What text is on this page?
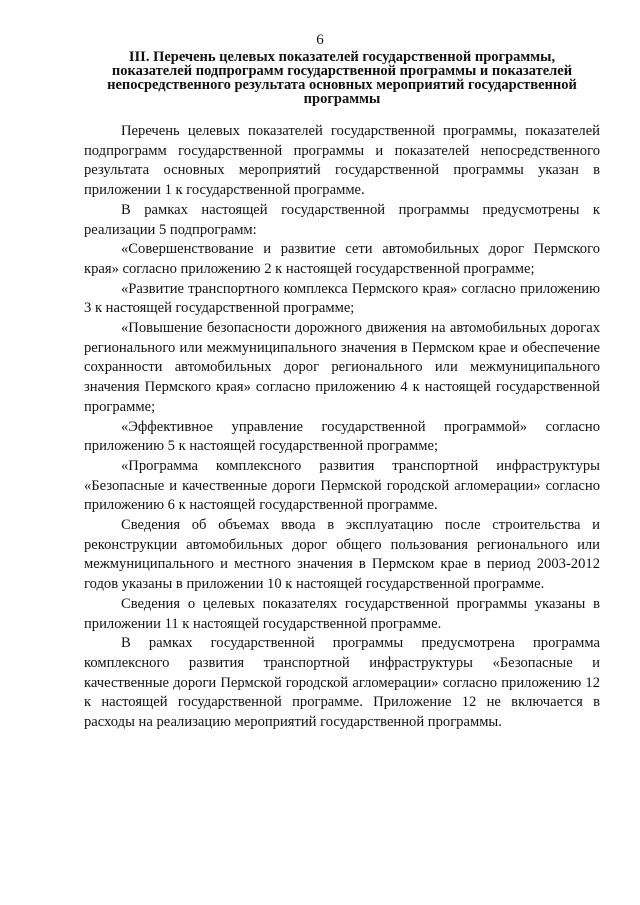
6
III. Перечень целевых показателей государственной программы,
показателей подпрограмм государственной программы и показателей
непосредственного результата основных мероприятий государственной
программы

Перечень целевых показателей государственной программы, показателей подпрограмм государственной программы и показателей непосредственного результата основных мероприятий государственной программы указан в приложении 1 к государственной программе.

В рамках настоящей государственной программы предусмотрены к реализации 5 подпрограмм:

«Совершенствование и развитие сети автомобильных дорог Пермского края» согласно приложению 2 к настоящей государственной программе;

«Развитие транспортного комплекса Пермского края» согласно приложению 3 к настоящей государственной программе;

«Повышение безопасности дорожного движения на автомобильных дорогах регионального или межмуниципального значения в Пермском крае и обеспечение сохранности автомобильных дорог регионального или межмуниципального значения Пермского края» согласно приложению 4 к настоящей государственной программе;

«Эффективное управление государственной программой» согласно приложению 5 к настоящей государственной программе;

«Программа комплексного развития транспортной инфраструктуры «Безопасные и качественные дороги Пермской городской агломерации» согласно приложению 6 к настоящей государственной программе.

Сведения об объемах ввода в эксплуатацию после строительства и реконструкции автомобильных дорог общего пользования регионального или межмуниципального и местного значения в Пермском крае в период 2003-2012 годов указаны в приложении 10 к настоящей государственной программе.

Сведения о целевых показателях государственной программы указаны в приложении 11 к настоящей государственной программе.

В рамках государственной программы предусмотрена программа комплексного развития транспортной инфраструктуры «Безопасные и качественные дороги Пермской городской агломерации» согласно приложению 12 к настоящей государственной программе. Приложение 12 не включается в расходы на реализацию мероприятий государственной программы.
